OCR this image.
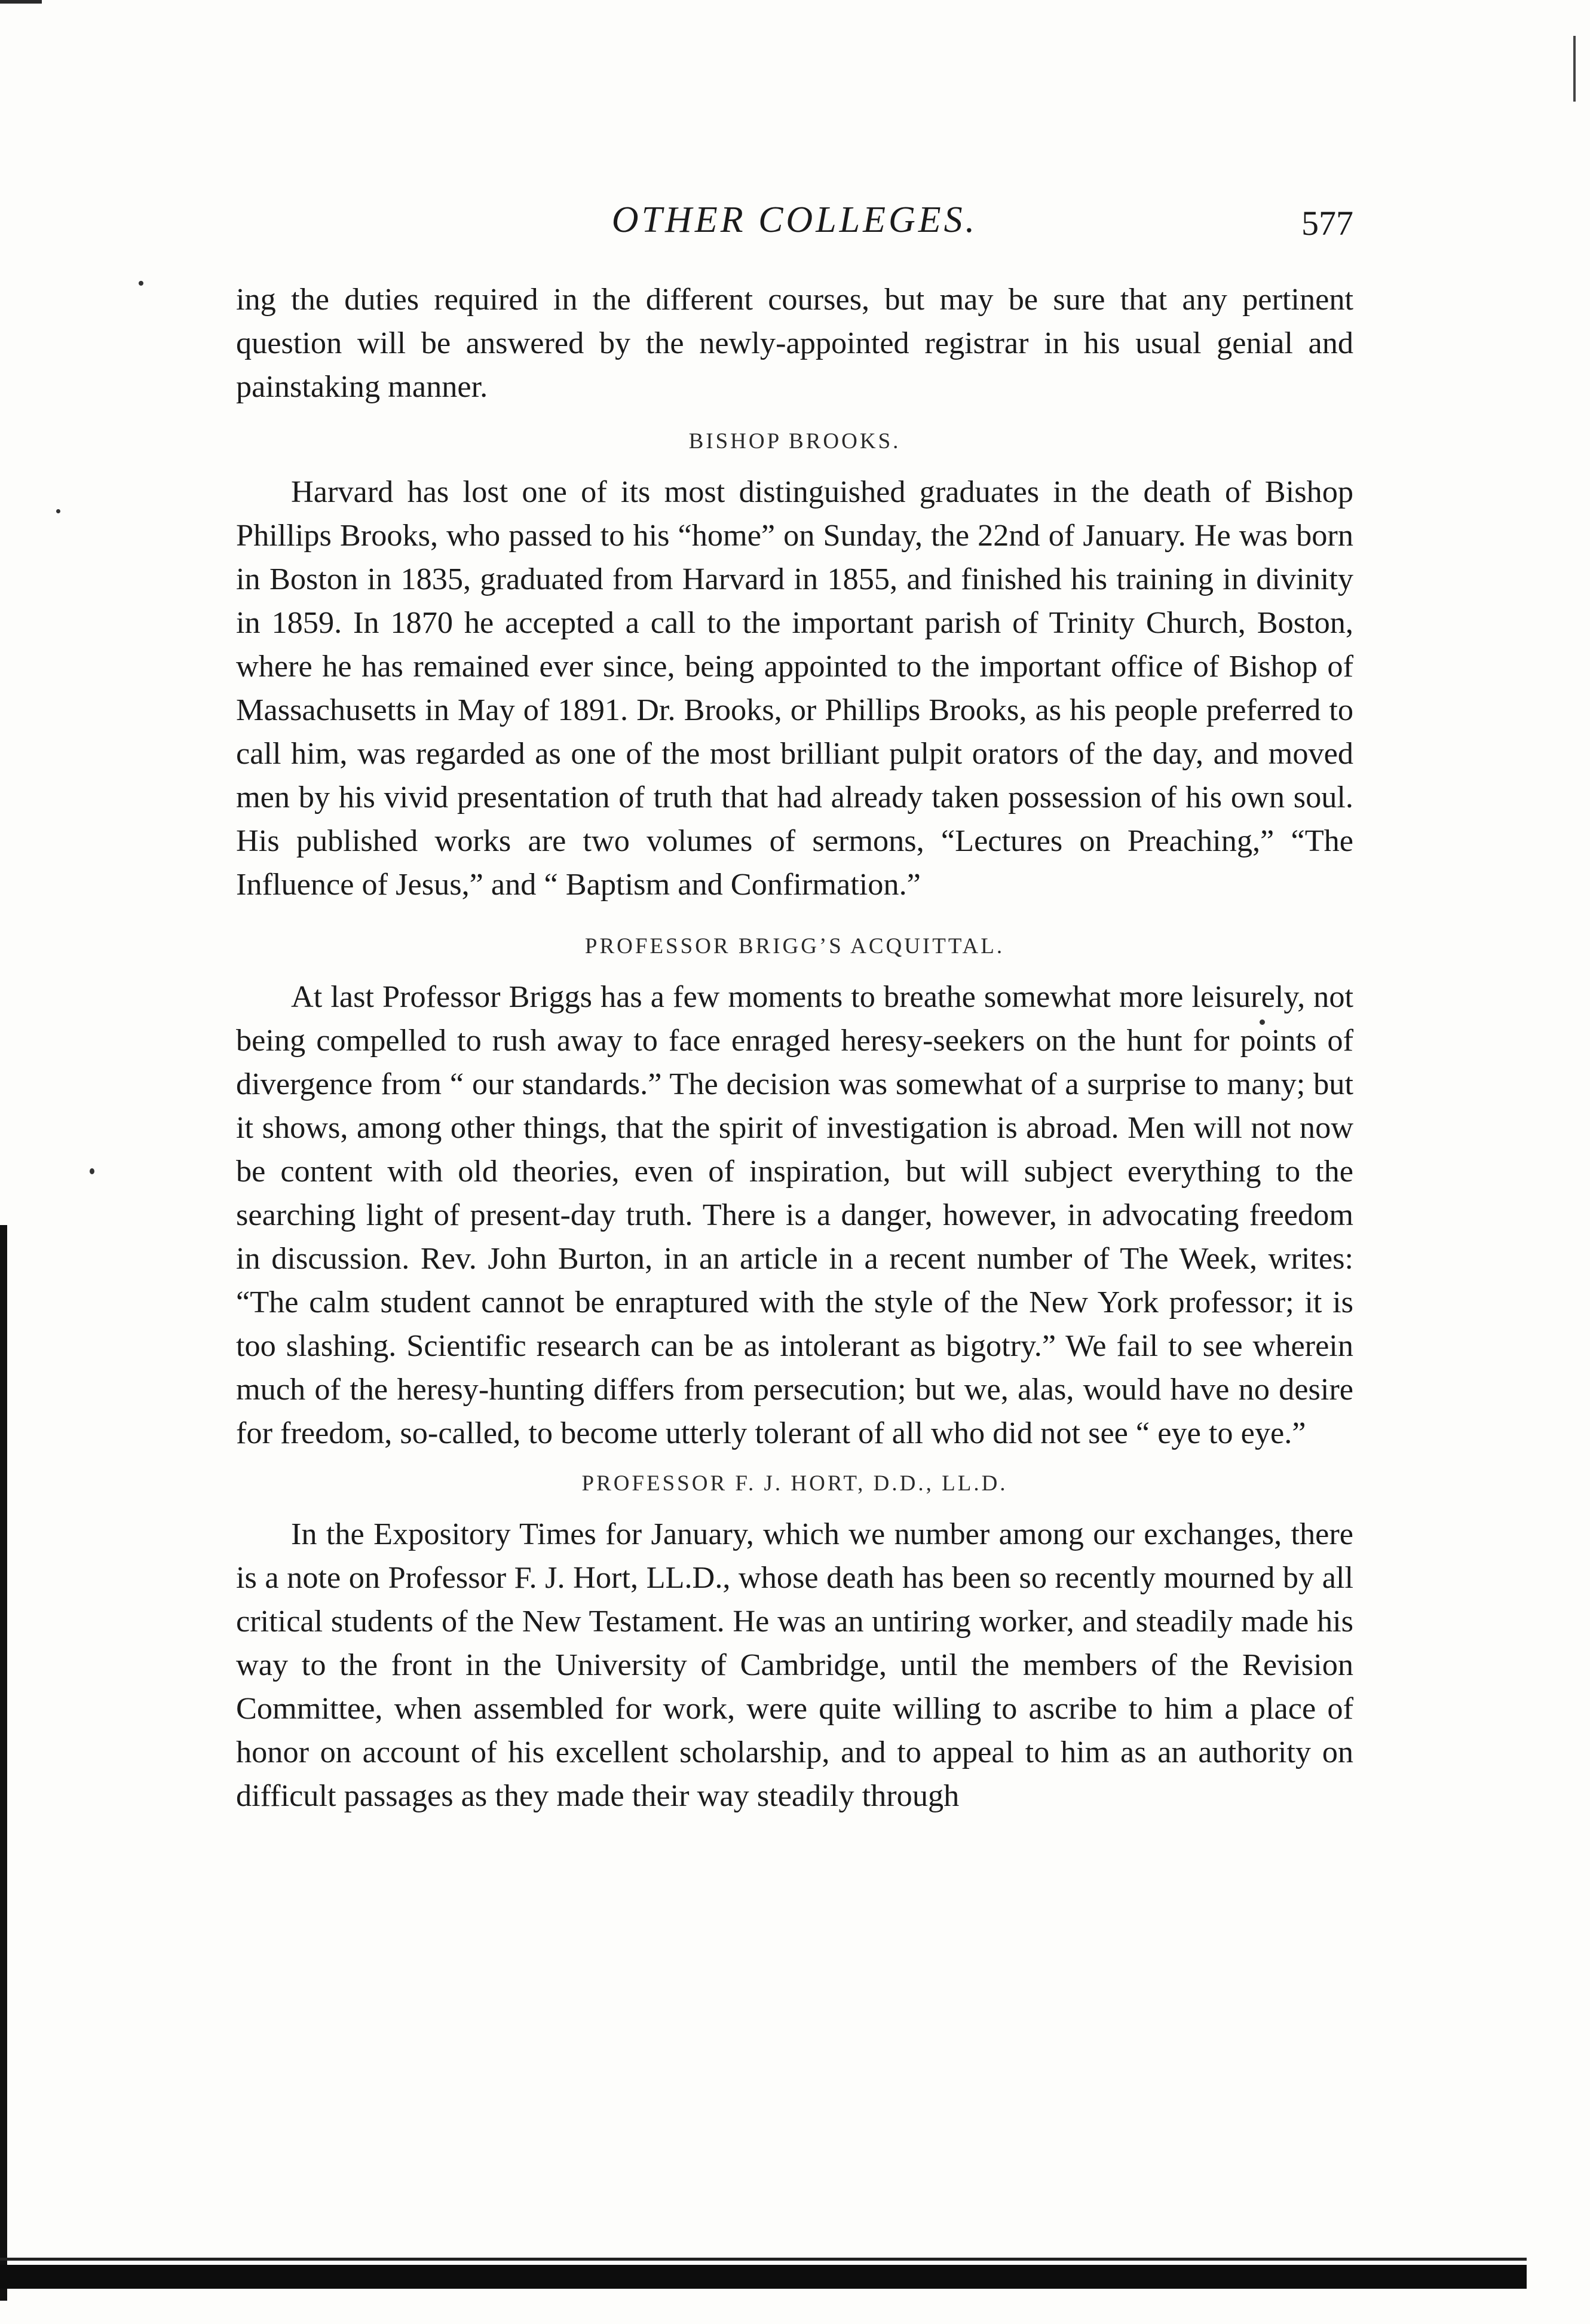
OTHER COLLEGES.	577

ing the duties required in the different courses, but may be sure that any pertinent question will be answered by the newly-appointed registrar in his usual genial and painstaking manner.

BISHOP BROOKS.

Harvard has lost one of its most distinguished graduates in the death of Bishop Phillips Brooks, who passed to his “home” on Sunday, the 22nd of January. He was born in Boston in 1835, graduated from Harvard in 1855, and finished his training in divinity in 1859. In 1870 he accepted a call to the important parish of Trinity Church, Boston, where he has remained ever since, being appointed to the important office of Bishop of Massachusetts in May of 1891. Dr. Brooks, or Phillips Brooks, as his people preferred to call him, was regarded as one of the most brilliant pulpit orators of the day, and moved men by his vivid presentation of truth that had already taken possession of his own soul. His published works are two volumes of sermons, “Lectures on Preaching,” “The Influence of Jesus,” and “ Baptism and Confirmation.”

PROFESSOR BRIGG’S ACQUITTAL.

At last Professor Briggs has a few moments to breathe somewhat more leisurely, not being compelled to rush away to face enraged heresy-seekers on the hunt for points of divergence from “ our standards.” The decision was somewhat of a surprise to many; but it shows, among other things, that the spirit of investigation is abroad. Men will not now be content with old theories, even of inspiration, but will subject everything to the searching light of present-day truth. There is a danger, however, in advocating freedom in discussion. Rev. John Burton, in an article in a recent number of The Week, writes: “The calm student cannot be enraptured with the style of the New York professor; it is too slashing. Scientific research can be as intolerant as bigotry.” We fail to see wherein much of the heresy-hunting differs from persecution; but we, alas, would have no desire for freedom, so-called, to become utterly tolerant of all who did not see “ eye to eye.”

PROFESSOR F. J. HORT, D.D., LL.D.

In the Expository Times for January, which we number among our exchanges, there is a note on Professor F. J. Hort, LL.D., whose death has been so recently mourned by all critical students of the New Testament. He was an untiring worker, and steadily made his way to the front in the University of Cambridge, until the members of the Revision Committee, when assembled for work, were quite willing to ascribe to him a place of honor on account of his excellent scholarship, and to appeal to him as an authority on difficult passages as they made their way steadily through
